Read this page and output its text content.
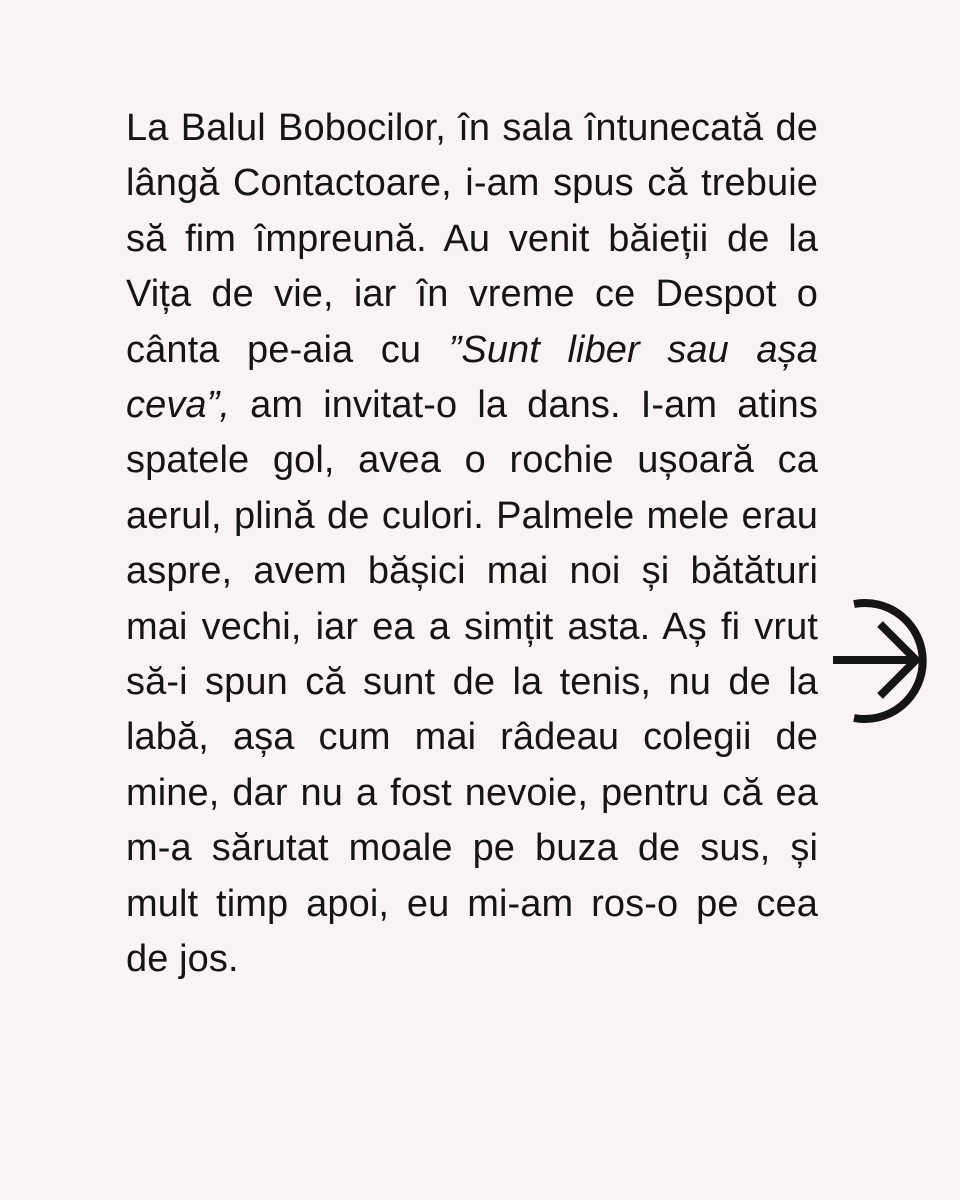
La Balul Bobocilor, în sala întunecată de lângă Contactoare, i-am spus că trebuie să fim împreună. Au venit băieții de la Vița de vie, iar în vreme ce Despot o cânta pe-aia cu ”Sunt liber sau așa ceva”, am invitat-o la dans. I-am atins spatele gol, avea o rochie ușoară ca aerul, plină de culori. Palmele mele erau aspre, avem bășici mai noi și bătături mai vechi, iar ea a simțit asta. Aș fi vrut să-i spun că sunt de la tenis, nu de la labă, așa cum mai râdeau colegii de mine, dar nu a fost nevoie, pentru că ea m-a sărutat moale pe buza de sus, și mult timp apoi, eu mi-am ros-o pe cea de jos.
